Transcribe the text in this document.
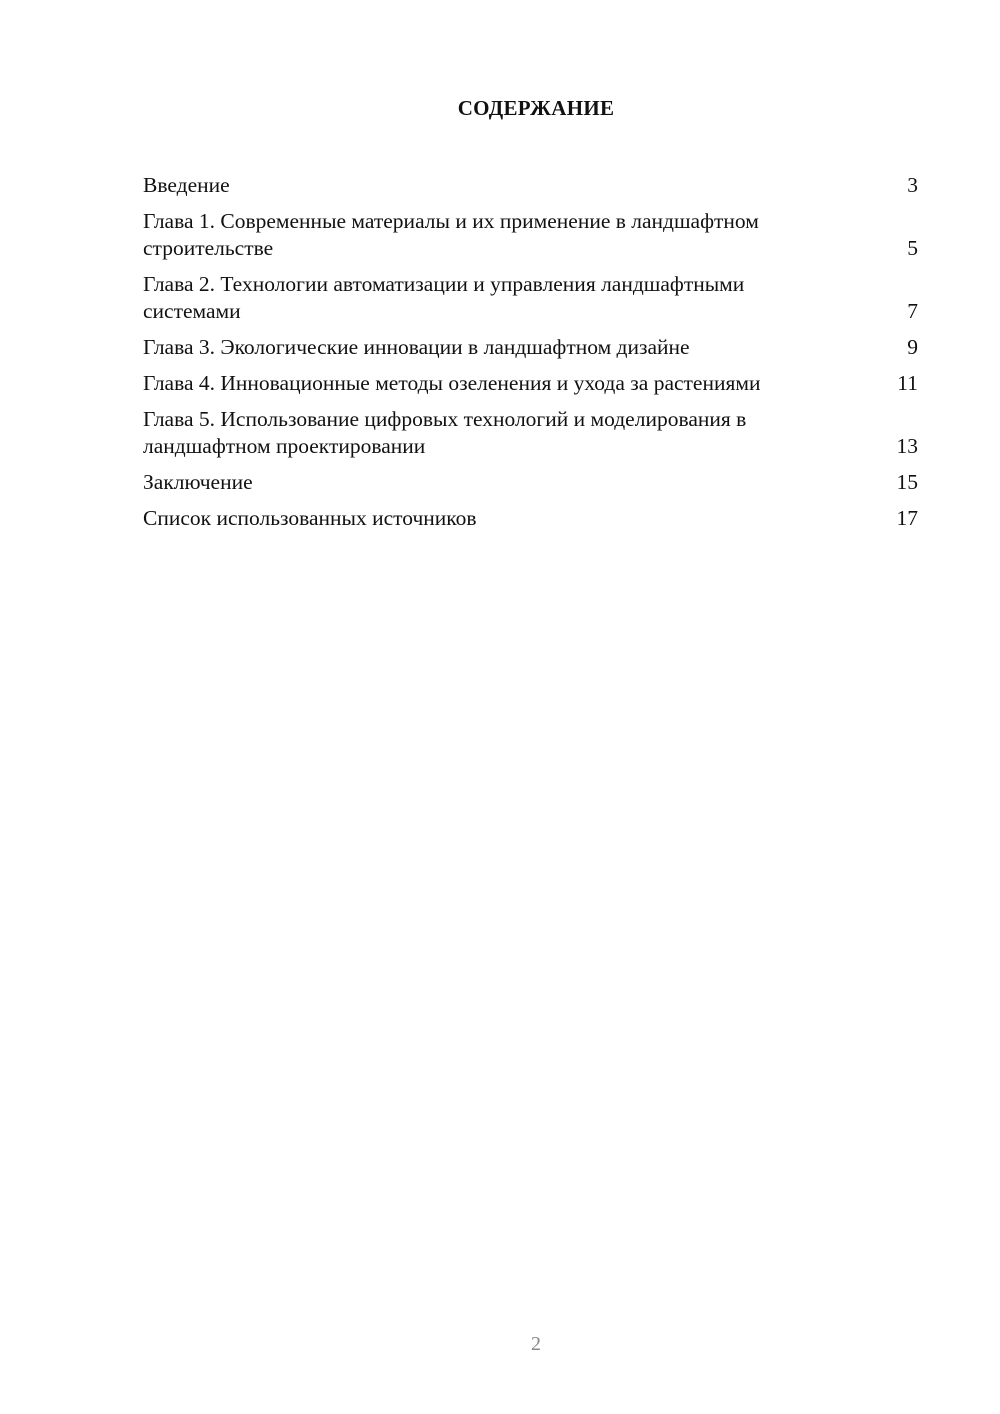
СОДЕРЖАНИЕ
Введение	3
Глава 1. Современные материалы и их применение в ландшафтном строительстве	5
Глава 2. Технологии автоматизации и управления ландшафтными системами	7
Глава 3. Экологические инновации в ландшафтном дизайне	9
Глава 4. Инновационные методы озеленения и ухода за растениями	11
Глава 5. Использование цифровых технологий и моделирования в ландшафтном проектировании	13
Заключение	15
Список использованных источников	17
2
